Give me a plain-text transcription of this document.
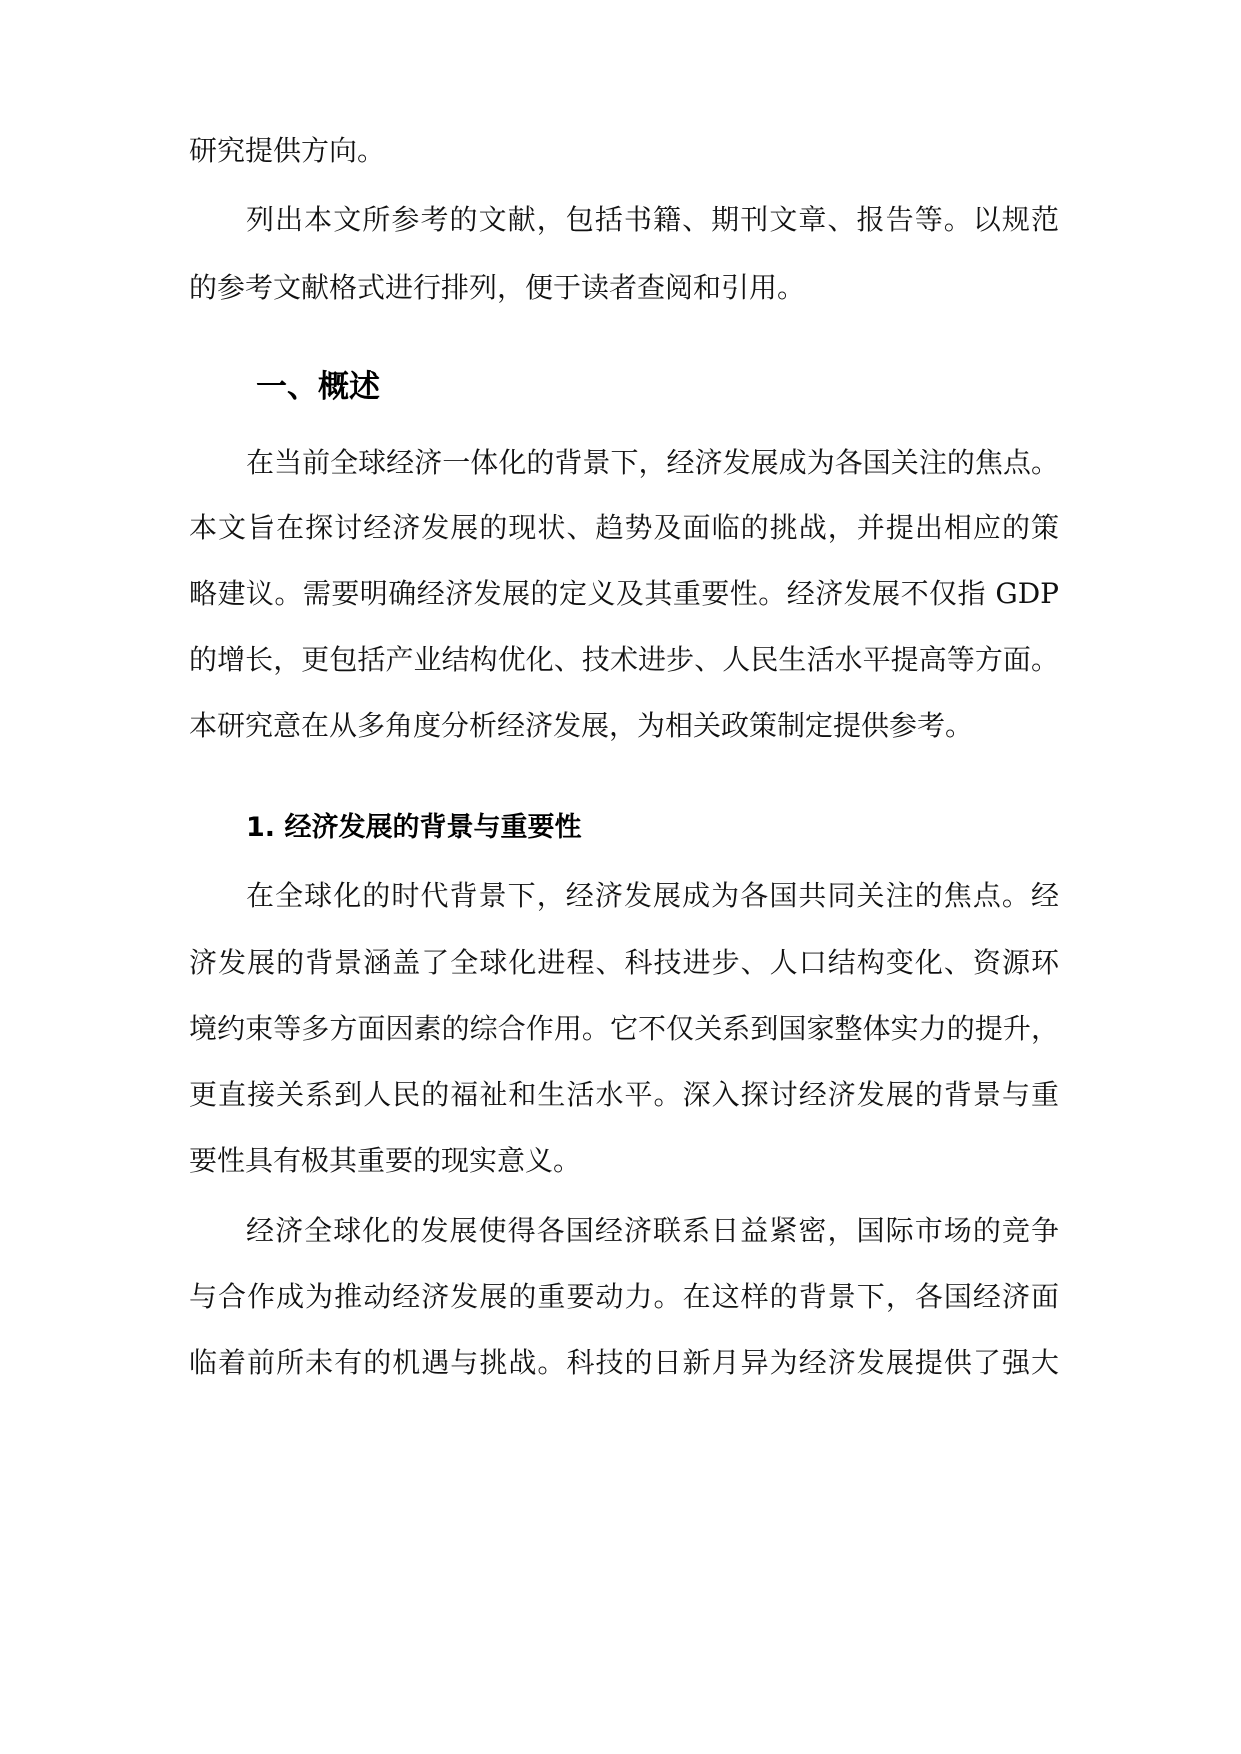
研究提供方向。
列出本文所参考的文献，包括书籍、期刊文章、报告等。以规范
的参考文献格式进行排列，便于读者查阅和引用。
一、概述
在当前全球经济一体化的背景下，经济发展成为各国关注的焦点。
本文旨在探讨经济发展的现状、趋势及面临的挑战，并提出相应的策
略建议。需要明确经济发展的定义及其重要性。经济发展不仅指 GDP
的增长，更包括产业结构优化、技术进步、人民生活水平提高等方面。
本研究意在从多角度分析经济发展，为相关政策制定提供参考。
1. 经济发展的背景与重要性
在全球化的时代背景下，经济发展成为各国共同关注的焦点。经
济发展的背景涵盖了全球化进程、科技进步、人口结构变化、资源环
境约束等多方面因素的综合作用。它不仅关系到国家整体实力的提升，
更直接关系到人民的福祉和生活水平。深入探讨经济发展的背景与重
要性具有极其重要的现实意义。
经济全球化的发展使得各国经济联系日益紧密，国际市场的竞争
与合作成为推动经济发展的重要动力。在这样的背景下，各国经济面
临着前所未有的机遇与挑战。科技的日新月异为经济发展提供了强大
